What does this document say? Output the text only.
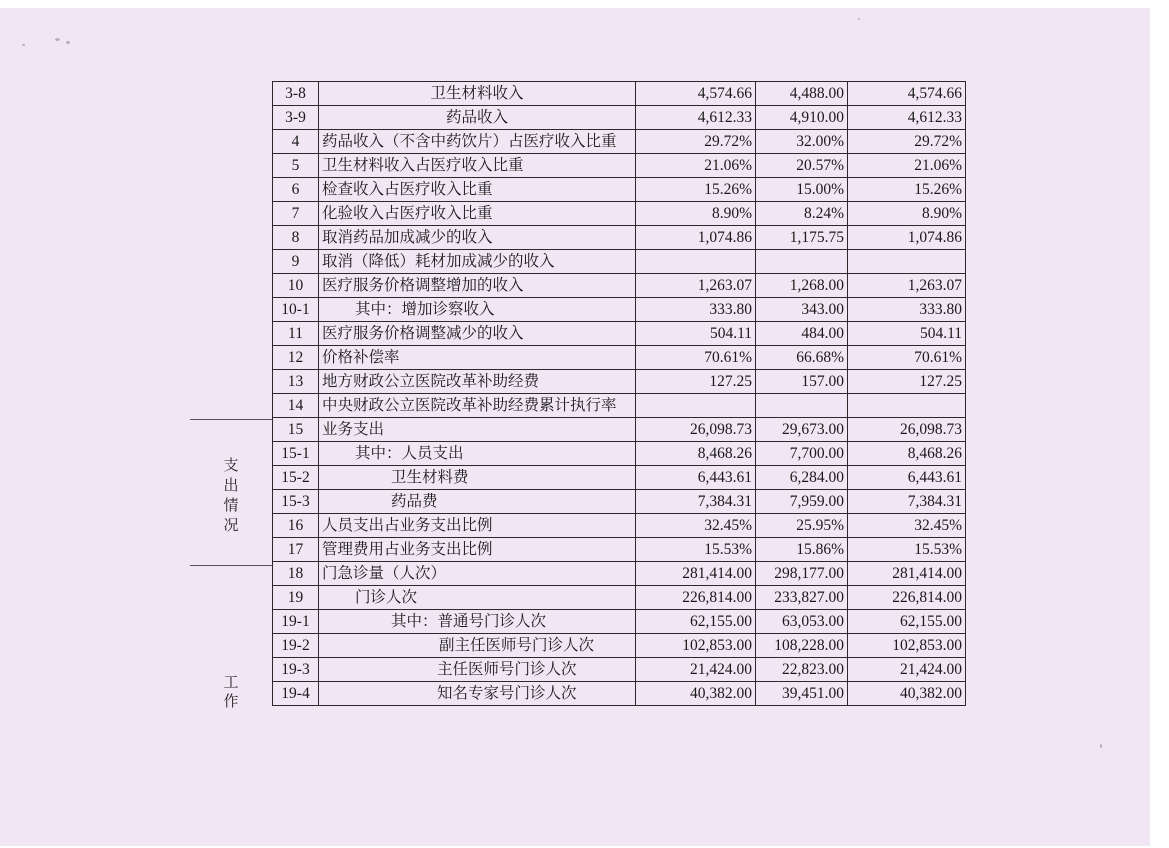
支
出
情
况
工
作
3-8	卫生材料收入	4,574.66	4,488.00	4,574.66
3-9	药品收入	4,612.33	4,910.00	4,612.33
4	药品收入（不含中药饮片）占医疗收入比重	29.72%	32.00%	29.72%
5	卫生材料收入占医疗收入比重	21.06%	20.57%	21.06%
6	检查收入占医疗收入比重	15.26%	15.00%	15.26%
7	化验收入占医疗收入比重	8.90%	8.24%	8.90%
8	取消药品加成减少的收入	1,074.86	1,175.75	1,074.86
9	取消（降低）耗材加成减少的收入			
10	医疗服务价格调整增加的收入	1,263.07	1,268.00	1,263.07
10-1	其中：增加诊察收入	333.80	343.00	333.80
11	医疗服务价格调整减少的收入	504.11	484.00	504.11
12	价格补偿率	70.61%	66.68%	70.61%
13	地方财政公立医院改革补助经费	127.25	157.00	127.25
14	中央财政公立医院改革补助经费累计执行率			
15	业务支出	26,098.73	29,673.00	26,098.73
15-1	其中：人员支出	8,468.26	7,700.00	8,468.26
15-2	卫生材料费	6,443.61	6,284.00	6,443.61
15-3	药品费	7,384.31	7,959.00	7,384.31
16	人员支出占业务支出比例	32.45%	25.95%	32.45%
17	管理费用占业务支出比例	15.53%	15.86%	15.53%
18	门急诊量（人次）	281,414.00	298,177.00	281,414.00
19	门诊人次	226,814.00	233,827.00	226,814.00
19-1	其中：普通号门诊人次	62,155.00	63,053.00	62,155.00
19-2	副主任医师号门诊人次	102,853.00	108,228.00	102,853.00
19-3	主任医师号门诊人次	21,424.00	22,823.00	21,424.00
19-4	知名专家号门诊人次	40,382.00	39,451.00	40,382.00
